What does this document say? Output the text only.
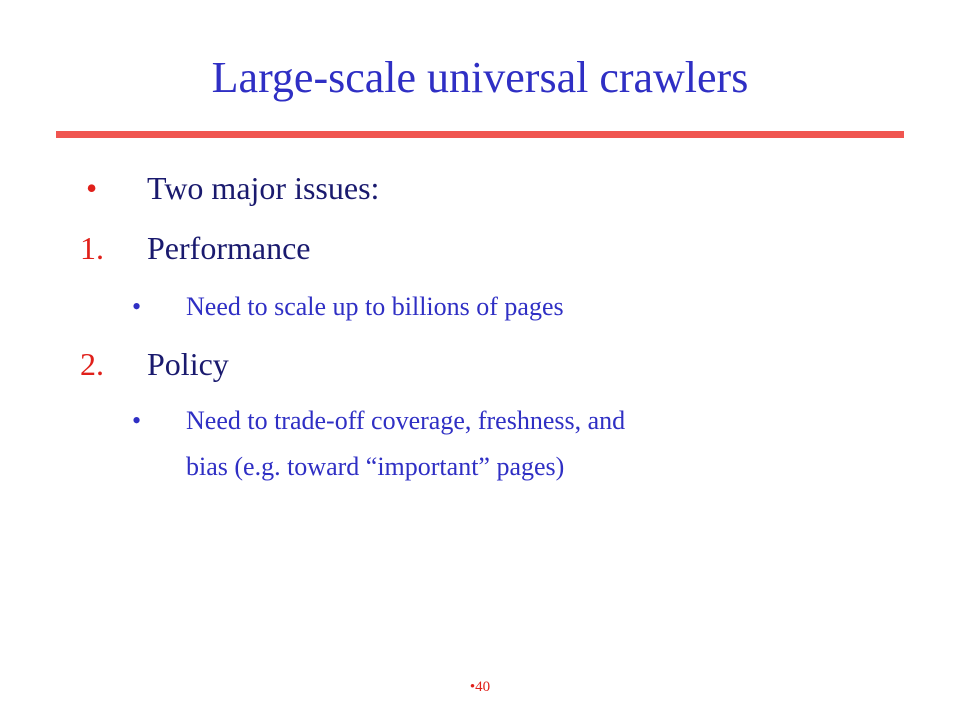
Large-scale universal crawlers
• Two major issues:
1. Performance
• Need to scale up to billions of pages
2. Policy
• Need to trade-off coverage, freshness, and
bias (e.g. toward “important” pages)
•40
